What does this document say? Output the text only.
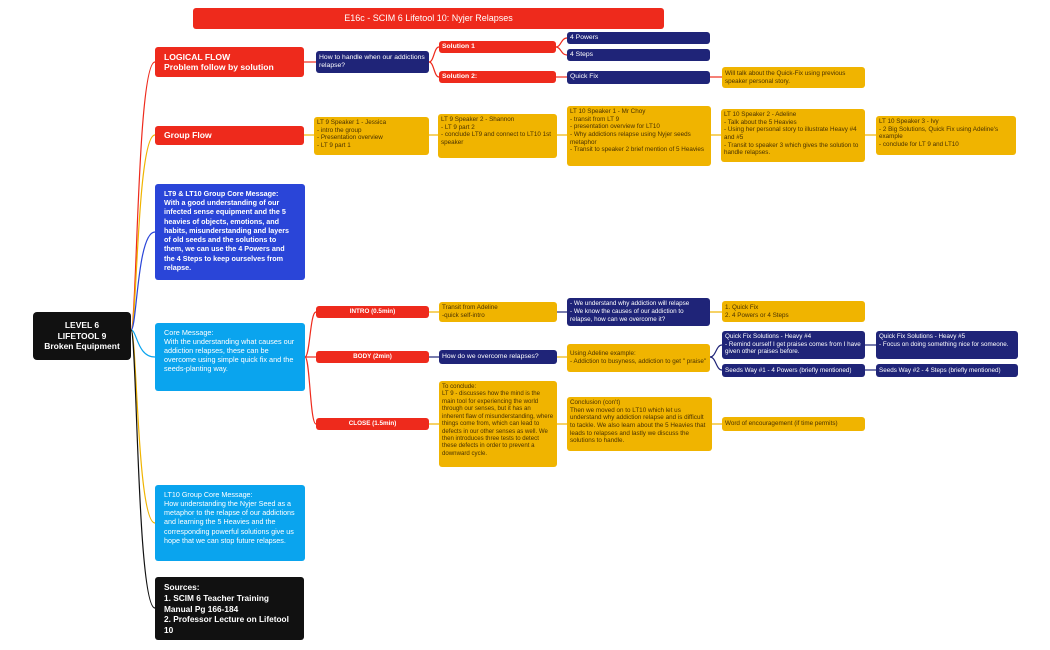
E16c - SCIM 6 Lifetool 10: Nyjer Relapses
LEVEL 6
LIFETOOL 9
Broken Equipment
LOGICAL FLOW
Problem follow by solution
How to handle when our addictions relapse?
Solution 1
Solution 2:
4 Powers
4 Steps
Quick Fix
Will talk about the Quick-Fix using previous speaker personal story.
Group Flow
LT 9 Speaker 1 - Jessica
- intro the group
- Presentation overview
- LT 9 part 1
LT 9 Speaker 2 - Shannon
- LT 9 part 2
- conclude LT9 and connect to LT10 1st speaker
LT 10 Speaker 1 - Mr Choy
- transit from LT 9
- presentation overview for LT10
- Why addictions relapse using Nyjer seeds metaphor
- Transit to speaker 2 brief mention of 5 Heavies
LT 10 Speaker 2 - Adeline
- Talk about the 5 Heavies
- Using her personal story to illustrate Heavy #4 and #5
- Transit to speaker 3 which gives the solution to handle relapses.
LT 10 Speaker 3 - Ivy
- 2 Big Solutions, Quick Fix using Adeline's example
- conclude for LT 9 and LT10
LT9 & LT10 Group Core Message:
With a good understanding of our infected sense equipment and the 5 heavies of objects, emotions, and habits, misunderstanding and layers of old seeds and the solutions to them, we can use the 4 Powers and the 4 Steps to keep ourselves from relapse.
Core Message:
With the understanding what causes our addiction relapses, these can be overcome using simple quick fix and the seeds-planting way.
INTRO (0.5min)
Transit from Adeline
-quick self-intro
- We understand why addiction will relapse
- We know the causes of our addiction to relapse, how can we overcome it?
1. Quick Fix
2. 4 Powers or 4 Steps
BODY (2min)	How do we overcome relapses?	Using Adeline example:
- Addiction to busyness, addiction to get " praise"
Quick Fix Solutions - Heavy #4
- Remind ourself I get praises comes from I have given other praises before.
Quick Fix Solutions - Heavy #5
- Focus on doing something nice for someone.
Seeds Way #1 - 4 Powers (briefly mentioned)	Seeds Way #2 - 4 Steps (briefly mentioned)
CLOSE (1.5min)
To conclude:
LT 9 - discusses how the mind is the main tool for experiencing the world through our senses, but it has an inherent flaw of misunderstanding, where things come from, which can lead to defects in our other senses as well. We then introduces three tests to detect these defects in order to prevent a downward cycle.
Conclusion (con't)
Then we moved on to LT10 which let us understand why addiction relapse and is difficult to tackle. We also learn about the 5 Heavies that leads to relapses and lastly we discuss the solutions to handle.
Word of encouragement (if time permits)
LT10 Group Core Message:
How understanding the Nyjer Seed as a metaphor to the relapse of our addictions and learning the 5 Heavies and the corresponding powerful solutions give us hope that we can stop future relapses.
Sources:
1. SCIM 6 Teacher Training Manual Pg 166-184
2. Professor Lecture on Lifetool 10
